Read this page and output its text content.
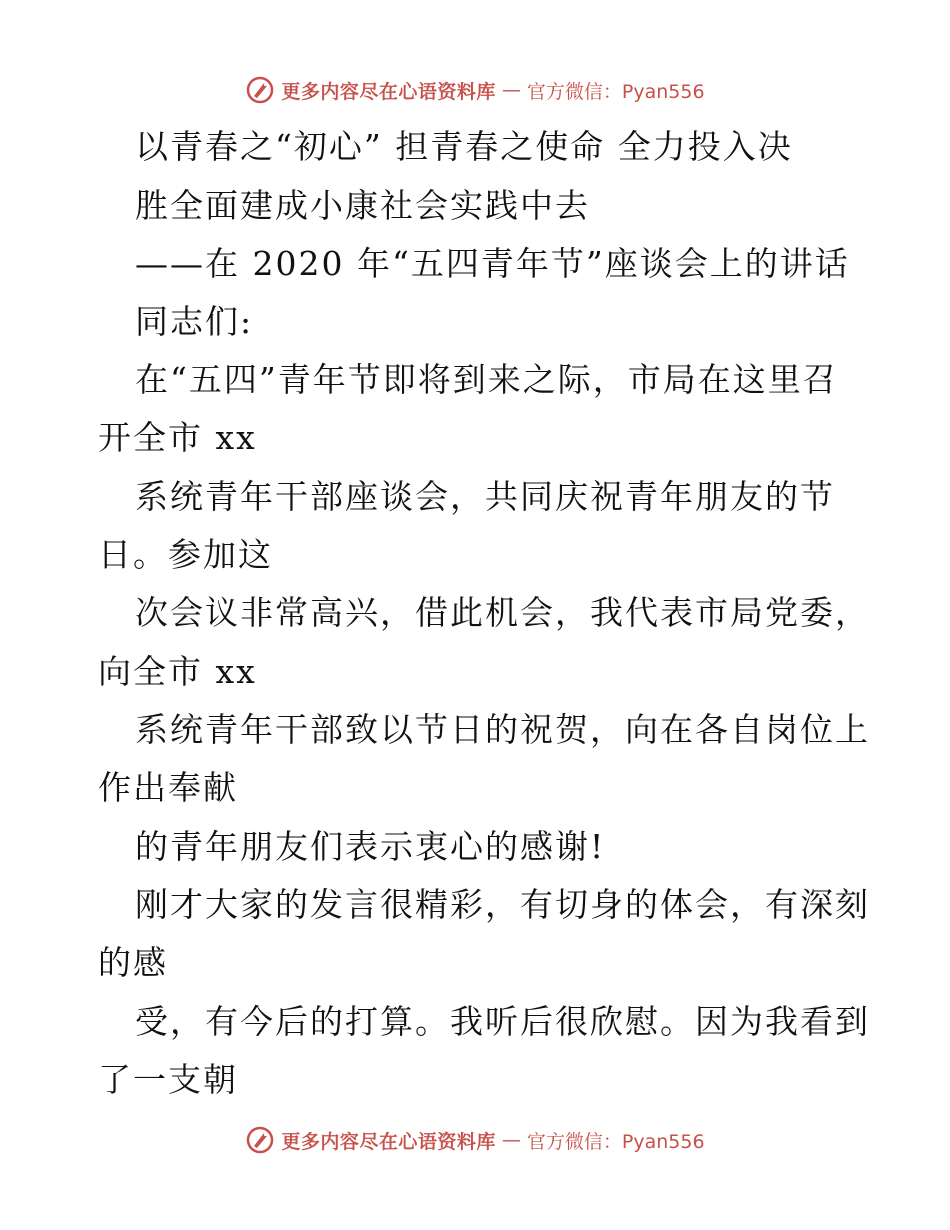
更多内容尽在心语资料库 — 官方微信：Pyan556
以青春之“初心” 担青春之使命 全力投入决
胜全面建成小康社会实践中去
——在 2020 年“五四青年节”座谈会上的讲话
同志们:
在“五四”青年节即将到来之际，市局在这里召
开全市 xx
系统青年干部座谈会，共同庆祝青年朋友的节
日。参加这
次会议非常高兴，借此机会，我代表市局党委，
向全市 xx
系统青年干部致以节日的祝贺，向在各自岗位上
作出奉献
的青年朋友们表示衷心的感谢!
刚才大家的发言很精彩，有切身的体会，有深刻
的感
受，有今后的打算。我听后很欣慰。因为我看到
了一支朝
更多内容尽在心语资料库 — 官方微信：Pyan556
